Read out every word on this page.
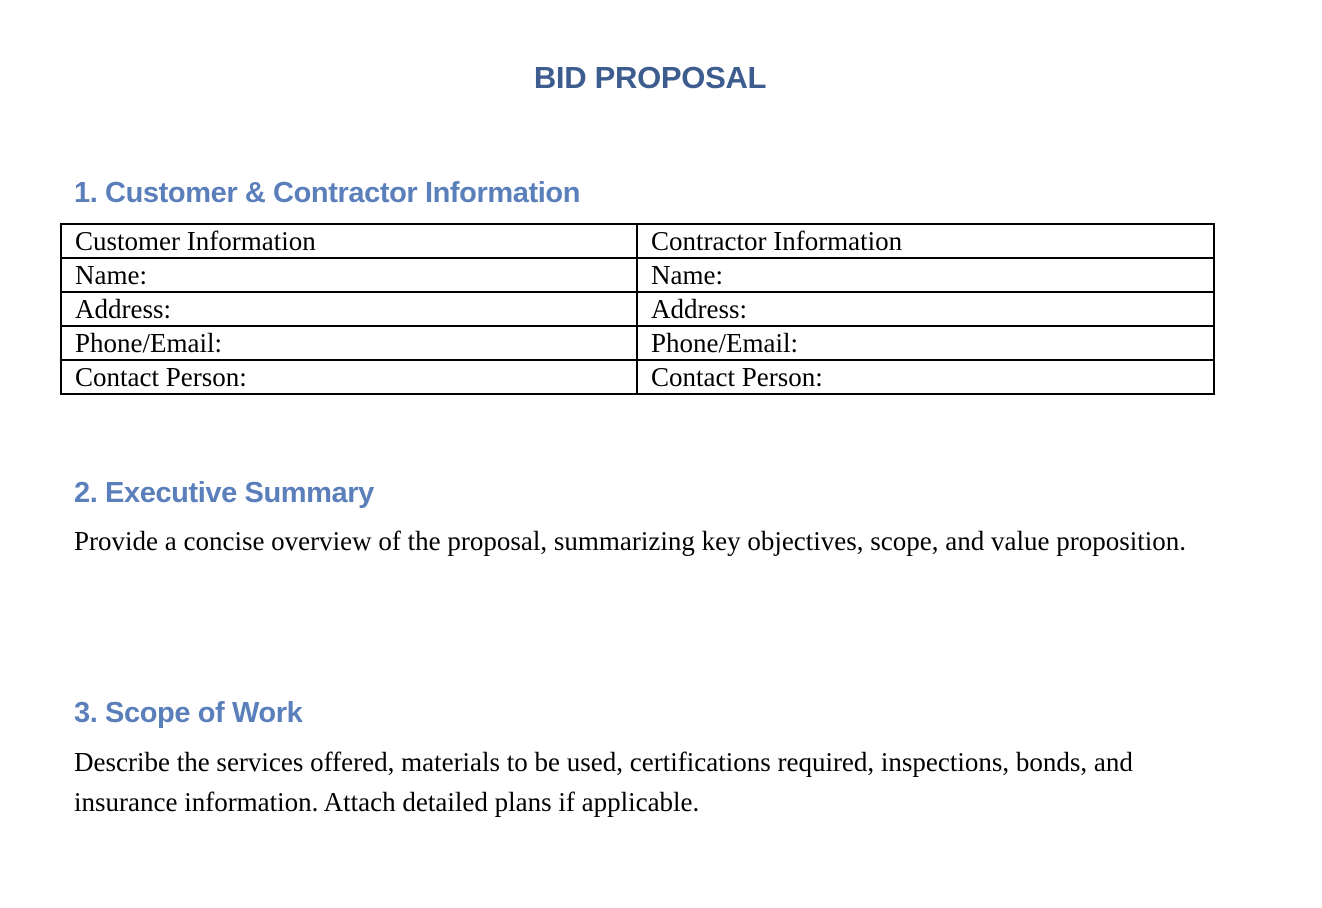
BID PROPOSAL
1. Customer & Contractor Information
Customer Information	Contractor Information
Name:	Name:
Address:	Address:
Phone/Email:	Phone/Email:
Contact Person:	Contact Person:
2. Executive Summary

Provide a concise overview of the proposal, summarizing key objectives, scope, and value proposition.

3. Scope of Work

Describe the services offered, materials to be used, certifications required, inspections, bonds, and insurance information. Attach detailed plans if applicable.
